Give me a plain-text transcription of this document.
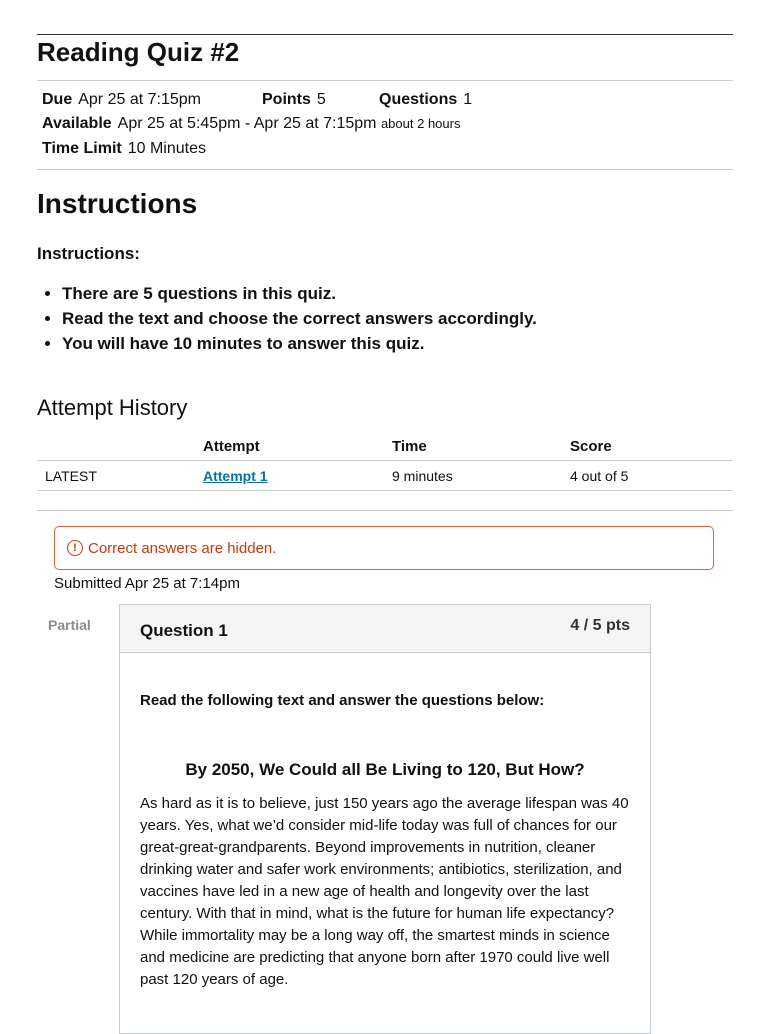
Reading Quiz #2
Due Apr 25 at 7:15pm	Points 5	Questions 1
Available Apr 25 at 5:45pm - Apr 25 at 7:15pm about 2 hours
Time Limit 10 Minutes
Instructions
Instructions:
• There are 5 questions in this quiz.
• Read the text and choose the correct answers accordingly.
• You will have 10 minutes to answer this quiz.
Attempt History
	Attempt	Time	Score
LATEST	Attempt 1	9 minutes	4 out of 5
! Correct answers are hidden.
Submitted Apr 25 at 7:14pm
Partial	Question 1	4 / 5 pts
Read the following text and answer the questions below:
By 2050, We Could all Be Living to 120, But How?

As hard as it is to believe, just 150 years ago the average lifespan was 40 years. Yes, what we’d consider mid-life today was full of chances for our great-great-grandparents. Beyond improvements in nutrition, cleaner drinking water and safer work environments; antibiotics, sterilization, and vaccines have led in a new age of health and longevity over the last century. With that in mind, what is the future for human life expectancy? While immortality may be a long way off, the smartest minds in science and medicine are predicting that anyone born after 1970 could live well past 120 years of age.
